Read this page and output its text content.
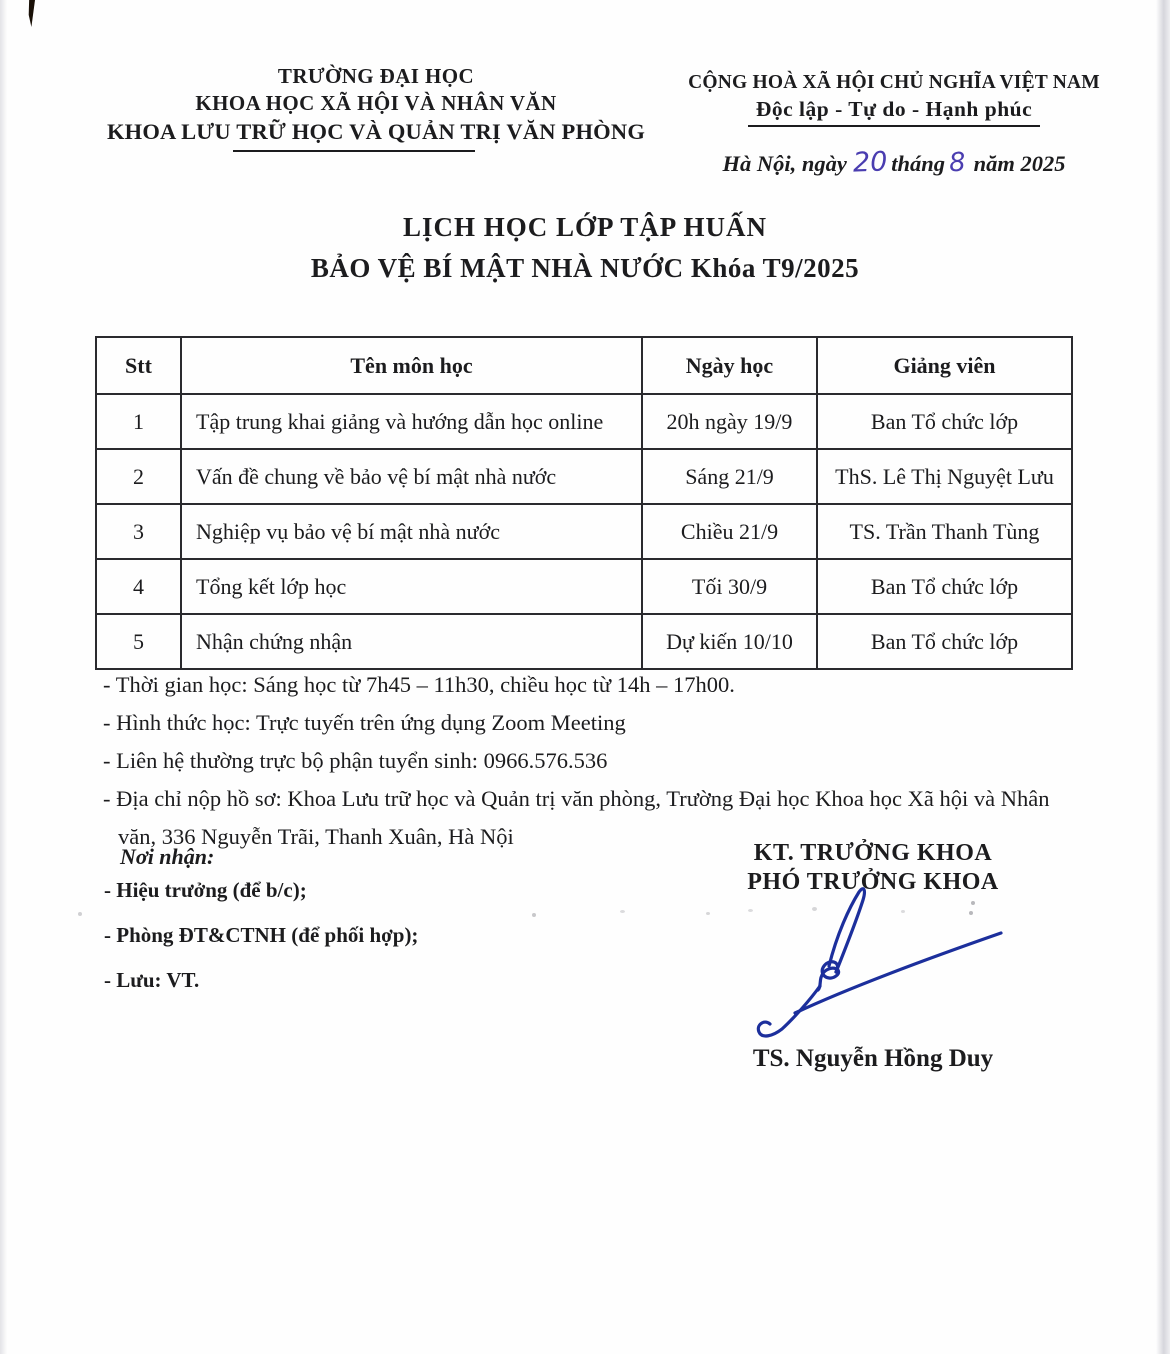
TRƯỜNG ĐẠI HỌC
KHOA HỌC XÃ HỘI VÀ NHÂN VĂN
KHOA LƯU TRỮ HỌC VÀ QUẢN TRỊ VĂN PHÒNG
CỘNG HOÀ XÃ HỘI CHỦ NGHĨA VIỆT NAM
Độc lập - Tự do - Hạnh phúc
Hà Nội, ngày 20 tháng 8 năm 2025
LỊCH HỌC LỚP TẬP HUẤN
BẢO VỆ BÍ MẬT NHÀ NƯỚC Khóa T9/2025
Stt	Tên môn học	Ngày học	Giảng viên
1	Tập trung khai giảng và hướng dẫn học online	20h ngày 19/9	Ban Tổ chức lớp
2	Vấn đề chung về bảo vệ bí mật nhà nước	Sáng 21/9	ThS. Lê Thị Nguyệt Lưu
3	Nghiệp vụ bảo vệ bí mật nhà nước	Chiều 21/9	TS. Trần Thanh Tùng
4	Tổng kết lớp học	Tối 30/9	Ban Tổ chức lớp
5	Nhận chứng nhận	Dự kiến 10/10	Ban Tổ chức lớp
- Thời gian học: Sáng học từ 7h45 – 11h30, chiều học từ 14h – 17h00.
- Hình thức học: Trực tuyến trên ứng dụng Zoom Meeting
- Liên hệ thường trực bộ phận tuyển sinh: 0966.576.536
- Địa chỉ nộp hồ sơ: Khoa Lưu trữ học và Quản trị văn phòng, Trường Đại học Khoa học Xã hội và Nhân văn, 336 Nguyễn Trãi, Thanh Xuân, Hà Nội
Nơi nhận:
- Hiệu trưởng (để b/c);
- Phòng ĐT&CTNH (để phối hợp);
- Lưu: VT.
KT. TRƯỞNG KHOA
PHÓ TRƯỞNG KHOA
TS. Nguyễn Hồng Duy
